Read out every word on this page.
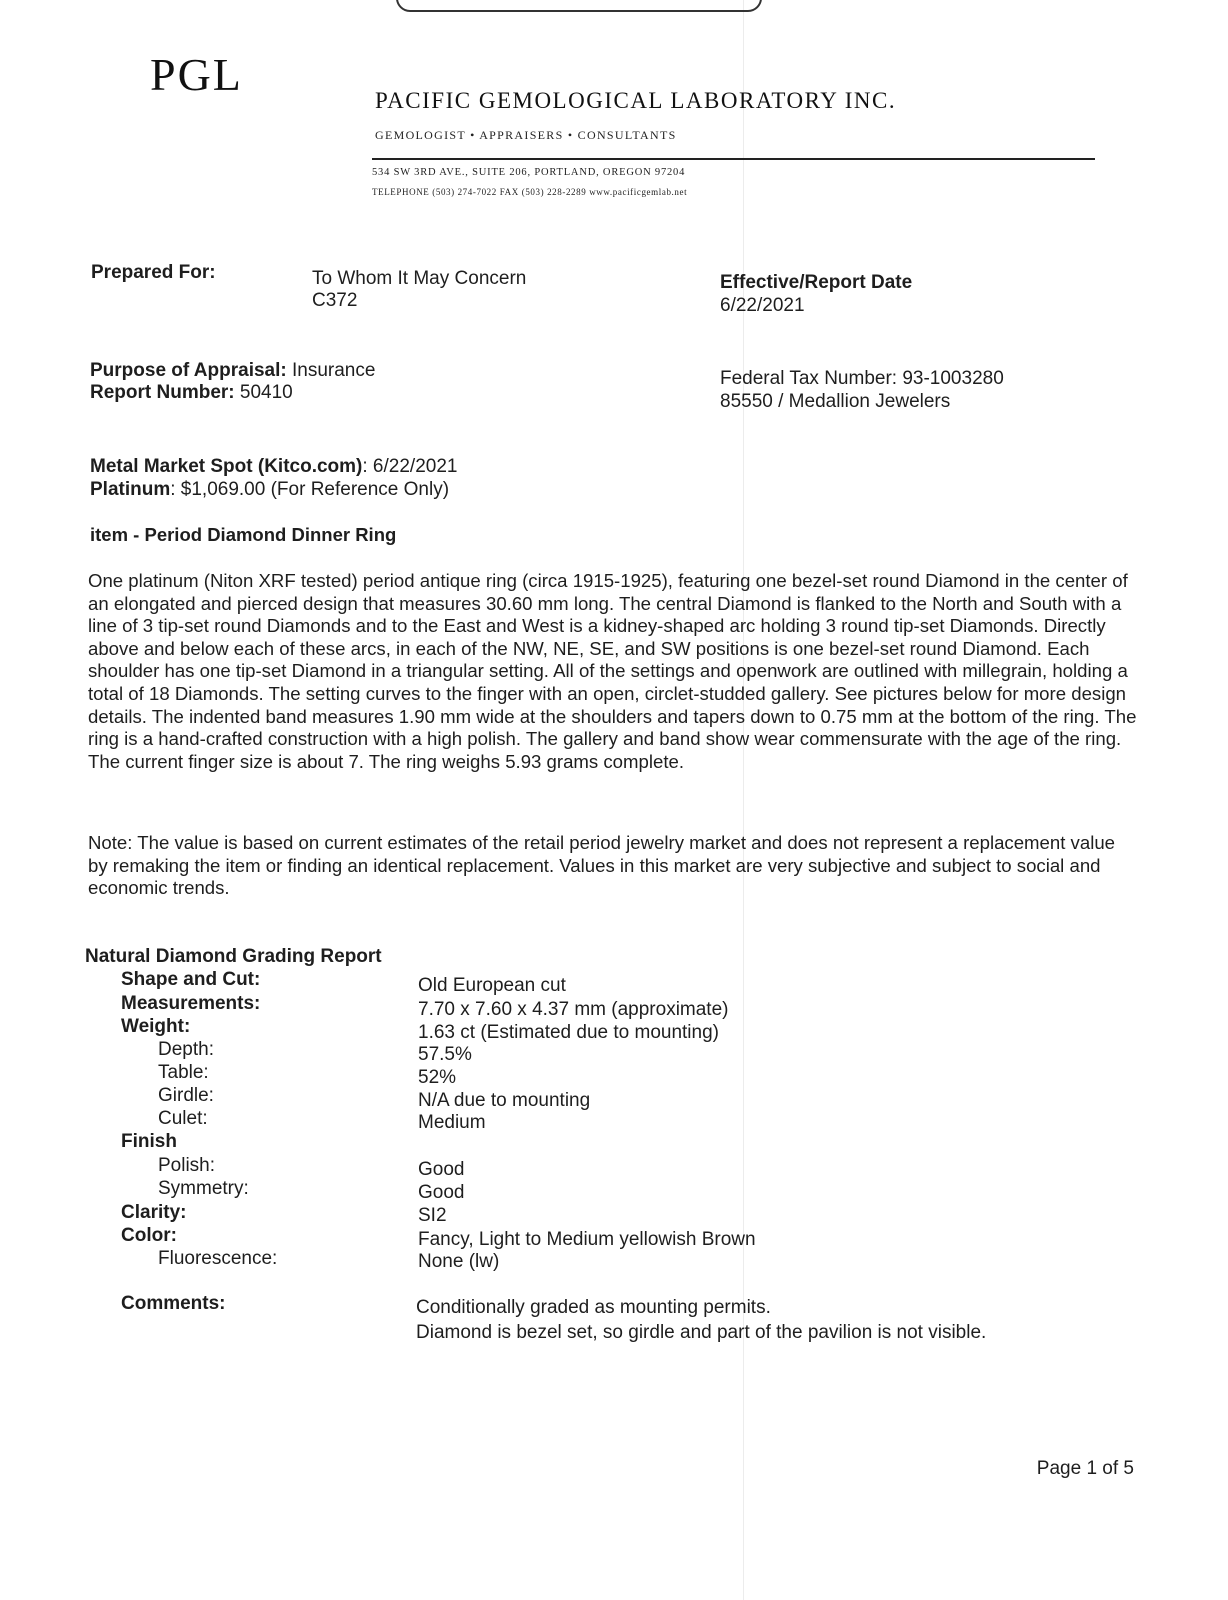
PGL
PACIFIC GEMOLOGICAL LABORATORY INC.
GEMOLOGIST • APPRAISERS • CONSULTANTS
534 SW 3RD AVE., SUITE 206, PORTLAND, OREGON 97204
TELEPHONE (503) 274-7022 FAX (503) 228-2289 www.pacificgemlab.net
Prepared For:	To Whom It May Concern
C372
Effective/Report Date
6/22/2021
Purpose of Appraisal: Insurance
Report Number: 50410
Federal Tax Number: 93-1003280
85550 / Medallion Jewelers
Metal Market Spot (Kitco.com): 6/22/2021
Platinum: $1,069.00 (For Reference Only)
item - Period Diamond Dinner Ring
One platinum (Niton XRF tested) period antique ring (circa 1915-1925), featuring one bezel-set round Diamond in the center of an elongated and pierced design that measures 30.60 mm long. The central Diamond is flanked to the North and South with a line of 3 tip-set round Diamonds and to the East and West is a kidney-shaped arc holding 3 round tip-set Diamonds. Directly above and below each of these arcs, in each of the NW, NE, SE, and SW positions is one bezel-set round Diamond. Each shoulder has one tip-set Diamond in a triangular setting. All of the settings and openwork are outlined with millegrain, holding a total of 18 Diamonds. The setting curves to the finger with an open, circlet-studded gallery. See pictures below for more design details. The indented band measures 1.90 mm wide at the shoulders and tapers down to 0.75 mm at the bottom of the ring. The ring is a hand-crafted construction with a high polish. The gallery and band show wear commensurate with the age of the ring. The current finger size is about 7. The ring weighs 5.93 grams complete.
Note: The value is based on current estimates of the retail period jewelry market and does not represent a replacement value by remaking the item or finding an identical replacement. Values in this market are very subjective and subject to social and economic trends.
Natural Diamond Grading Report
Shape and Cut:	Old European cut
Measurements:	7.70 x 7.60 x 4.37 mm (approximate)
Weight:	1.63 ct (Estimated due to mounting)
Depth:	57.5%
Table:	52%
Girdle:	N/A due to mounting
Culet:	Medium
Finish
Polish:	Good
Symmetry:	Good
Clarity:	SI2
Color:	Fancy, Light to Medium yellowish Brown
Fluorescence:	None (lw)
Comments:	Conditionally graded as mounting permits.
Diamond is bezel set, so girdle and part of the pavilion is not visible.
Page 1 of 5
